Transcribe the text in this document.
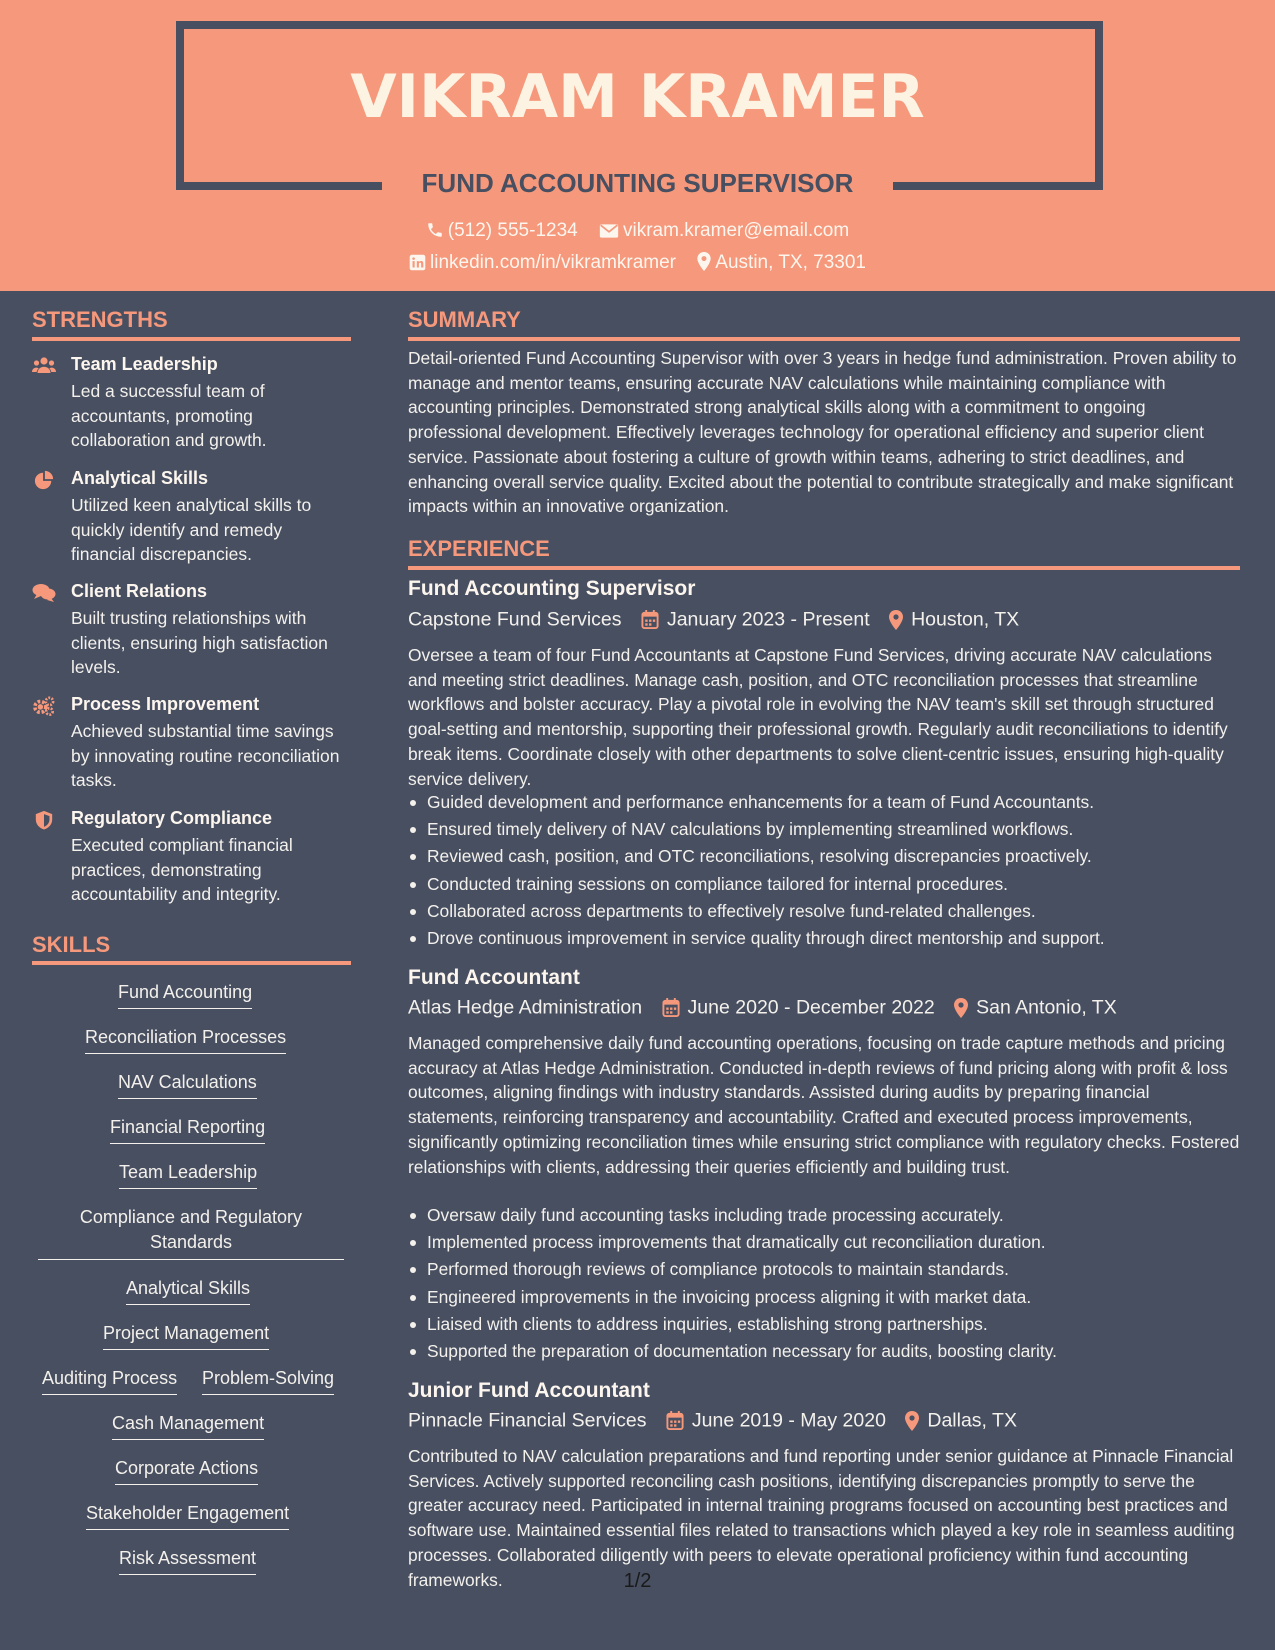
VIKRAM KRAMER
FUND ACCOUNTING SUPERVISOR
(512) 555-1234 vikram.kramer@email.com
linkedin.com/in/vikramkramer Austin, TX, 73301
STRENGTHS
Team Leadership
Led a successful team of accountants, promoting collaboration and growth.
Analytical Skills
Utilized keen analytical skills to quickly identify and remedy financial discrepancies.
Client Relations
Built trusting relationships with clients, ensuring high satisfaction levels.
Process Improvement
Achieved substantial time savings by innovating routine reconciliation tasks.
Regulatory Compliance
Executed compliant financial practices, demonstrating accountability and integrity.
SKILLS
Fund Accounting
Reconciliation Processes
NAV Calculations
Financial Reporting
Team Leadership
Compliance and Regulatory Standards
Analytical Skills
Project Management
Auditing Process Problem-Solving
Cash Management
Corporate Actions
Stakeholder Engagement
Risk Assessment
SUMMARY
Detail-oriented Fund Accounting Supervisor with over 3 years in hedge fund administration. Proven ability to manage and mentor teams, ensuring accurate NAV calculations while maintaining compliance with accounting principles. Demonstrated strong analytical skills along with a commitment to ongoing professional development. Effectively leverages technology for operational efficiency and superior client service. Passionate about fostering a culture of growth within teams, adhering to strict deadlines, and enhancing overall service quality. Excited about the potential to contribute strategically and make significant impacts within an innovative organization.
EXPERIENCE
Fund Accounting Supervisor
Capstone Fund Services January 2023 - Present Houston, TX
Oversee a team of four Fund Accountants at Capstone Fund Services, driving accurate NAV calculations and meeting strict deadlines. Manage cash, position, and OTC reconciliation processes that streamline workflows and bolster accuracy. Play a pivotal role in evolving the NAV team's skill set through structured goal-setting and mentorship, supporting their professional growth. Regularly audit reconciliations to identify break items. Coordinate closely with other departments to solve client-centric issues, ensuring high-quality service delivery.
Guided development and performance enhancements for a team of Fund Accountants.
Ensured timely delivery of NAV calculations by implementing streamlined workflows.
Reviewed cash, position, and OTC reconciliations, resolving discrepancies proactively.
Conducted training sessions on compliance tailored for internal procedures.
Collaborated across departments to effectively resolve fund-related challenges.
Drove continuous improvement in service quality through direct mentorship and support.
Fund Accountant
Atlas Hedge Administration June 2020 - December 2022 San Antonio, TX
Managed comprehensive daily fund accounting operations, focusing on trade capture methods and pricing accuracy at Atlas Hedge Administration. Conducted in-depth reviews of fund pricing along with profit & loss outcomes, aligning findings with industry standards. Assisted during audits by preparing financial statements, reinforcing transparency and accountability. Crafted and executed process improvements, significantly optimizing reconciliation times while ensuring strict compliance with regulatory checks. Fostered relationships with clients, addressing their queries efficiently and building trust.
Oversaw daily fund accounting tasks including trade processing accurately.
Implemented process improvements that dramatically cut reconciliation duration.
Performed thorough reviews of compliance protocols to maintain standards.
Engineered improvements in the invoicing process aligning it with market data.
Liaised with clients to address inquiries, establishing strong partnerships.
Supported the preparation of documentation necessary for audits, boosting clarity.
Junior Fund Accountant
Pinnacle Financial Services June 2019 - May 2020 Dallas, TX
Contributed to NAV calculation preparations and fund reporting under senior guidance at Pinnacle Financial Services. Actively supported reconciling cash positions, identifying discrepancies promptly to serve the greater accuracy need. Participated in internal training programs focused on accounting best practices and software use. Maintained essential files related to transactions which played a key role in seamless auditing processes. Collaborated diligently with peers to elevate operational proficiency within fund accounting frameworks.	1/2
